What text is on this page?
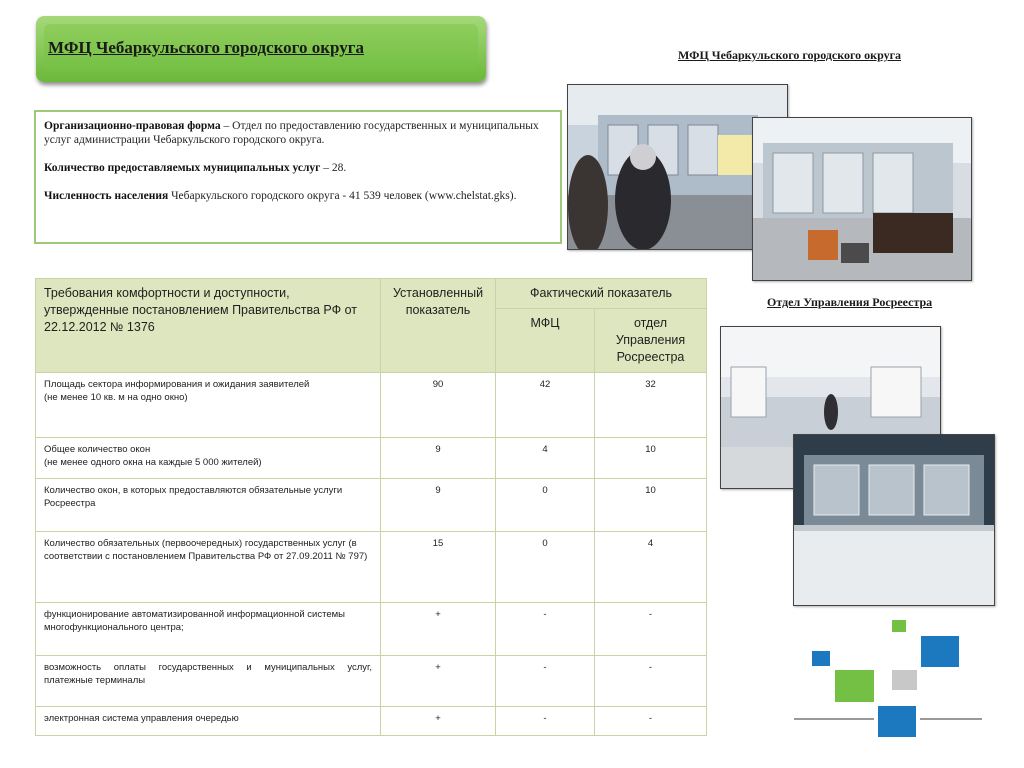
МФЦ Чебаркульского городского округа	МФЦ Чебаркульского городского округа

Организационно-правовая форма – Отдел по предоставлению государственных и муниципальных услуг администрации Чебаркульского городского округа.

Количество предоставляемых муниципальных услуг – 28.

Численность населения Чебаркульского городского округа - 41 539 человек (www.chelstat.gks).

Требования комфортности и доступности, утвержденные постановлением Правительства РФ от 22.12.2012 № 1376	Установленный показатель	Фактический показатель	
		МФЦ	отдел Управления Росреестра
Площадь сектора информирования и ожидания заявителей
(не менее 10 кв. м на одно окно)	90	42	32
Общее количество окон
(не менее одного окна на каждые 5 000 жителей)	9	4	10
Количество окон, в которых предоставляются обязательные услуги Росреестра	9	0	10
Количество обязательных (первоочередных) государственных услуг (в соответствии с постановлением Правительства РФ от 27.09.2011 № 797)	15	0	4
функционирование автоматизированной информационной системы многофункционального центра;	+	-	-
возможность оплаты государственных и муниципальных услуг, платежные терминалы	+	-	-
электронная система управления очередью	+	-	-
Отдел Управления Росреестра
